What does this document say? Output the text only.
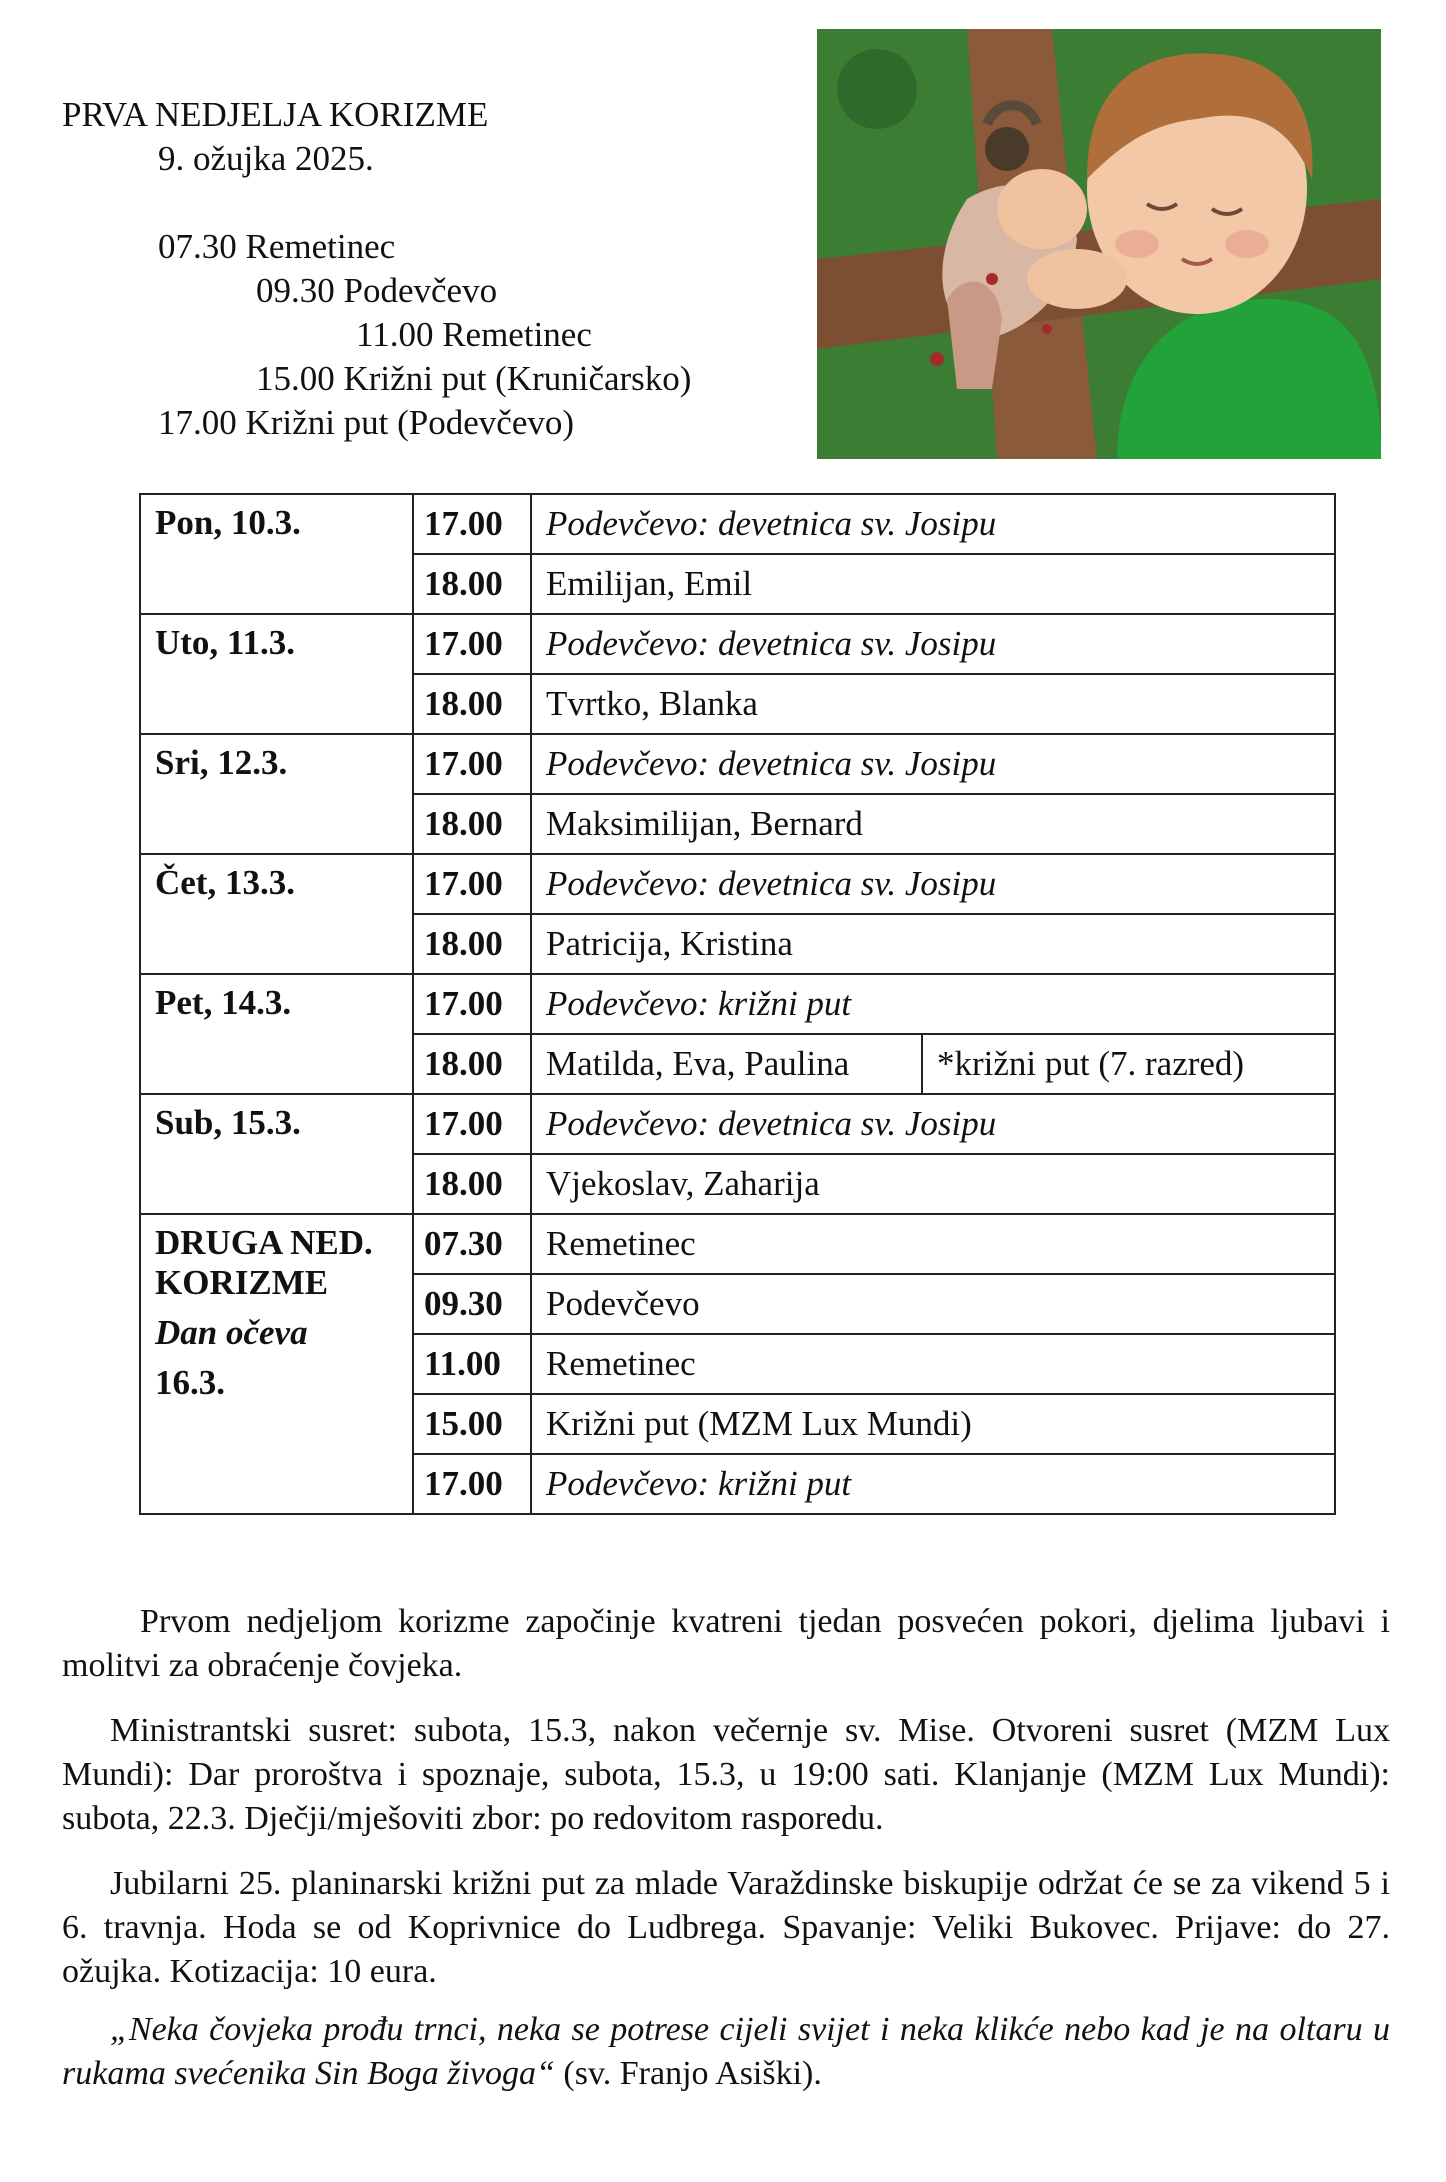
PRVA NEDJELJA KORIZME
9. ožujka 2025.
07.30 Remetinec
09.30 Podevčevo
11.00 Remetinec
15.00 Križni put (Kruničarsko)
17.00 Križni put (Podevčevo)
Pon, 10.3.	17.00	Podevčevo: devetnica sv. Josipu	
	18.00	Emilijan, Emil	
Uto, 11.3.	17.00	Podevčevo: devetnica sv. Josipu	
	18.00	Tvrtko, Blanka	
Sri, 12.3.	17.00	Podevčevo: devetnica sv. Josipu	
	18.00	Maksimilijan, Bernard	
Čet, 13.3.	17.00	Podevčevo: devetnica sv. Josipu	
	18.00	Patricija, Kristina	
Pet, 14.3.	17.00	Podevčevo: križni put	
	18.00	Matilda, Eva, Paulina	*križni put (7. razred)
Sub, 15.3.	17.00	Podevčevo: devetnica sv. Josipu	
	18.00	Vjekoslav, Zaharija	

DRUGA NED.
KORIZME
Dan očeva
16.3.	07.30	Remetinec	
	09.30	Podevčevo	
	11.00	Remetinec	
	15.00	Križni put (MZM Lux Mundi)	
	17.00	Podevčevo: križni put	

Prvom nedjeljom korizme započinje kvatreni tjedan posvećen pokori, djelima ljubavi i molitvi za obraćenje čovjeka.

Ministrantski susret: subota, 15.3, nakon večernje sv. Mise. Otvoreni susret (MZM Lux Mundi): Dar proroštva i spoznaje, subota, 15.3, u 19:00 sati. Klanjanje (MZM Lux Mundi): subota, 22.3. Dječji/mješoviti zbor: po redovitom rasporedu.

Jubilarni 25. planinarski križni put za mlade Varaždinske biskupije održat će se za vikend 5 i 6. travnja. Hoda se od Koprivnice do Ludbrega. Spavanje: Veliki Bukovec. Prijave: do 27. ožujka. Kotizacija: 10 eura.

„Neka čovjeka prođu trnci, neka se potrese cijeli svijet i neka klikće nebo kad je na oltaru u rukama svećenika Sin Boga živoga“ (sv. Franjo Asiški).
